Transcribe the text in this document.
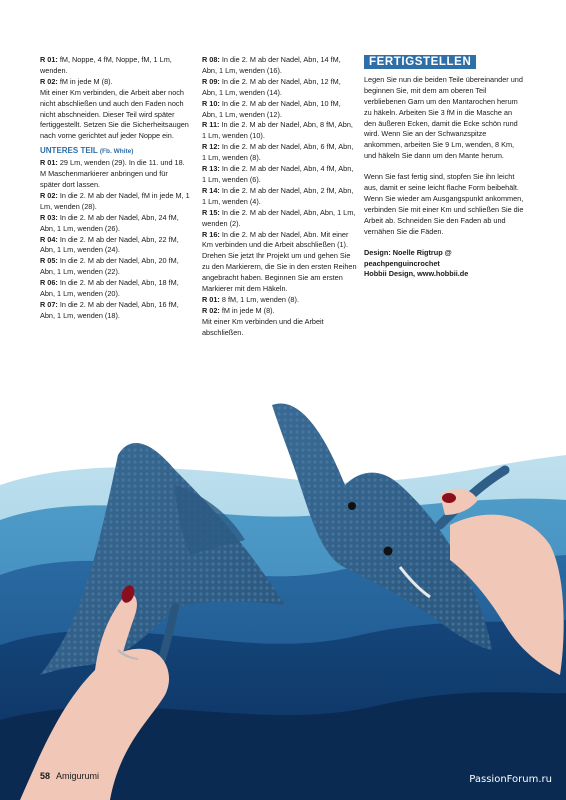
R 01: fM, Noppe, 4 fM, Noppe, fM, 1 Lm, wenden.

R 02: fM in jede M (8).

Mit einer Km verbinden, die Arbeit aber noch nicht abschließen und auch den Faden noch nicht abschneiden. Dieser Teil wird später fertiggestellt. Setzen Sie die Sicherheitsaugen nach vorne gerichtet auf jeder Noppe ein.

UNTERES TEIL (Fb. White)

R 01: 29 Lm, wenden (29). In die 11. und 18. M Maschenmarkierer anbringen und für später dort lassen.

R 02: In die 2. M ab der Nadel, fM in jede M, 1 Lm, wenden (28).

R 03: In die 2. M ab der Nadel, Abn, 24 fM, Abn, 1 Lm, wenden (26).

R 04: In die 2. M ab der Nadel, Abn, 22 fM, Abn, 1 Lm, wenden (24).

R 05: In die 2. M ab der Nadel, Abn, 20 fM, Abn, 1 Lm, wenden (22).

R 06: In die 2. M ab der Nadel, Abn, 18 fM, Abn, 1 Lm, wenden (20).

R 07: In die 2. M ab der Nadel, Abn, 16 fM, Abn, 1 Lm, wenden (18).

R 08: In die 2. M ab der Nadel, Abn, 14 fM, Abn, 1 Lm, wenden (16).

R 09: In die 2. M ab der Nadel, Abn, 12 fM, Abn, 1 Lm, wenden (14).

R 10: In die 2. M ab der Nadel, Abn, 10 fM, Abn, 1 Lm, wenden (12).

R 11: In die 2. M ab der Nadel, Abn, 8 fM, Abn, 1 Lm, wenden (10).

R 12: In die 2. M ab der Nadel, Abn, 6 fM, Abn, 1 Lm, wenden (8).

R 13: In die 2. M ab der Nadel, Abn, 4 fM, Abn, 1 Lm, wenden (6).

R 14: In die 2. M ab der Nadel, Abn, 2 fM, Abn, 1 Lm, wenden (4).

R 15: In die 2. M ab der Nadel, Abn, Abn, 1 Lm, wenden (2).

R 16: In die 2. M ab der Nadel, Abn. Mit einer Km verbinden und die Arbeit abschließen (1). Drehen Sie jetzt Ihr Projekt um und gehen Sie zu den Markierern, die Sie in den ersten Reihen angebracht haben. Beginnen Sie am ersten Markierer mit dem Häkeln.

R 01: 8 fM, 1 Lm, wenden (8).

R 02: fM in jede M (8).

Mit einer Km verbinden und die Arbeit abschließen.

FERTIGSTELLEN

Legen Sie nun die beiden Teile übereinander und beginnen Sie, mit dem am oberen Teil verbliebenen Garn um den Mantarochen herum zu häkeln. Arbeiten Sie 3 fM in die Masche an den äußeren Ecken, damit die Ecke schön rund wird. Wenn Sie an der Schwanzspitze ankommen, arbeiten Sie 9 Lm, wenden, 8 Km, und häkeln Sie dann um den Mante herum.

Wenn Sie fast fertig sind, stopfen Sie ihn leicht aus, damit er seine leicht flache Form beibehält. Wenn Sie wieder am Ausgangspunkt ankommen, verbinden Sie mit einer Km und schließen Sie die Arbeit ab. Schneiden Sie den Faden ab und vernähen Sie die Fäden.

Design: Noelle Rigtrup @
peachpenguincrochet
Hobbii Design, www.hobbii.de

58 Amigurumi	PassionForum.ru
